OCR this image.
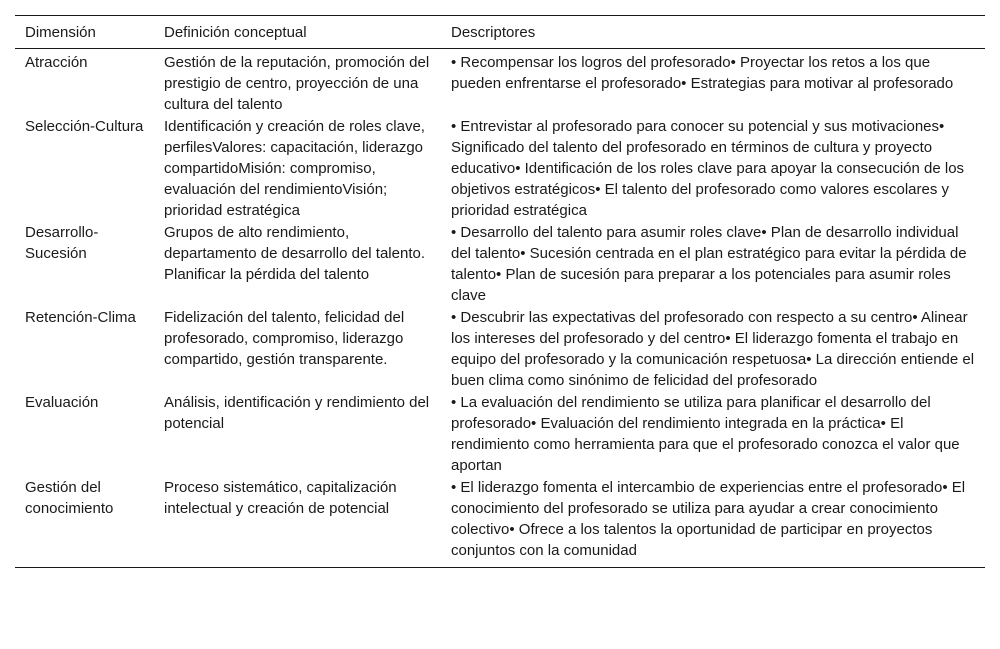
Dimensión	Definición conceptual	Descriptores
Atracción	Gestión de la reputación, promoción del prestigio de centro, proyección de una cultura del talento	• Recompensar los logros del profesorado• Proyectar los retos a los que pueden enfrentarse el profesorado• Estrategias para motivar al profesorado
Selección-Cultura	Identificación y creación de roles clave, perfilesValores: capacitación, liderazgo compartidoMisión: compromiso, evaluación del rendimientoVisión; prioridad estratégica	• Entrevistar al profesorado para conocer su potencial y sus motivaciones• Significado del talento del profesorado en términos de cultura y proyecto educativo• Identificación de los roles clave para apoyar la consecución de los objetivos estratégicos• El talento del profesorado como valores escolares y prioridad estratégica
Desarrollo-Sucesión	Grupos de alto rendimiento, departamento de desarrollo del talento. Planificar la pérdida del talento	• Desarrollo del talento para asumir roles clave• Plan de desarrollo individual del talento• Sucesión centrada en el plan estratégico para evitar la pérdida de talento• Plan de sucesión para preparar a los potenciales para asumir roles clave
Retención-Clima	Fidelización del talento, felicidad del profesorado, compromiso, liderazgo compartido, gestión transparente.	• Descubrir las expectativas del profesorado con respecto a su centro• Alinear los intereses del profesorado y del centro• El liderazgo fomenta el trabajo en equipo del profesorado y la comunicación respetuosa• La dirección entiende el buen clima como sinónimo de felicidad del profesorado
Evaluación	Análisis, identificación y rendimiento del potencial	• La evaluación del rendimiento se utiliza para planificar el desarrollo del profesorado• Evaluación del rendimiento integrada en la práctica• El rendimiento como herramienta para que el profesorado conozca el valor que aportan
Gestión del conocimiento	Proceso sistemático, capitalización intelectual y creación de potencial	• El liderazgo fomenta el intercambio de experiencias entre el profesorado• El conocimiento del profesorado se utiliza para ayudar a crear conocimiento colectivo• Ofrece a los talentos la oportunidad de participar en proyectos conjuntos con la comunidad
